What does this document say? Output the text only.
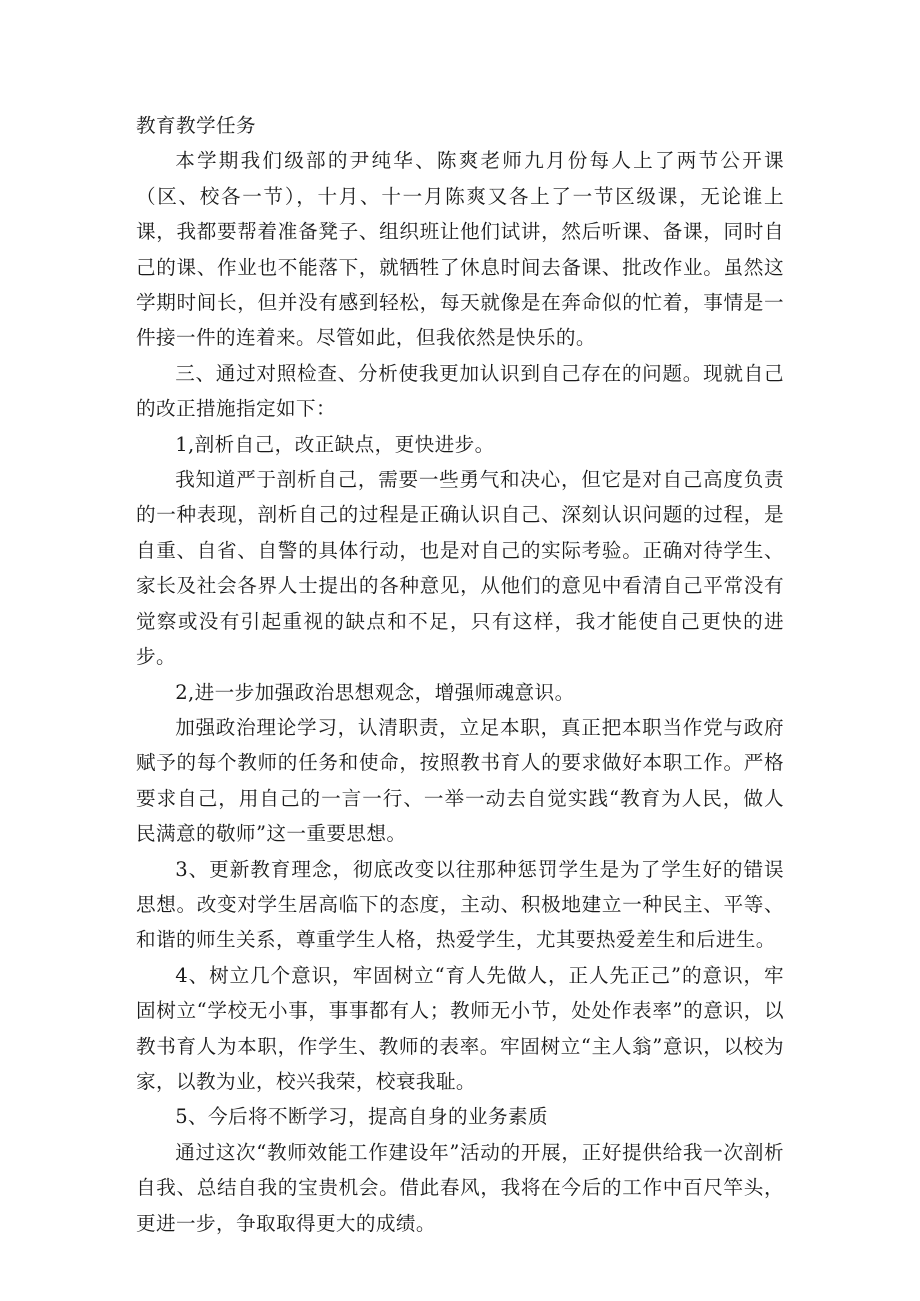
教育教学任务

本学期我们级部的尹纯华、陈爽老师九月份每人上了两节公开课（区、校各一节），十月、十一月陈爽又各上了一节区级课，无论谁上课，我都要帮着准备凳子、组织班让他们试讲，然后听课、备课，同时自己的课、作业也不能落下，就牺牲了休息时间去备课、批改作业。虽然这学期时间长，但并没有感到轻松，每天就像是在奔命似的忙着，事情是一件接一件的连着来。尽管如此，但我依然是快乐的。

三、通过对照检查、分析使我更加认识到自己存在的问题。现就自己的改正措施指定如下：

1,剖析自己，改正缺点，更快进步。

我知道严于剖析自己，需要一些勇气和决心，但它是对自己高度负责的一种表现，剖析自己的过程是正确认识自己、深刻认识问题的过程，是自重、自省、自警的具体行动，也是对自己的实际考验。正确对待学生、家长及社会各界人士提出的各种意见，从他们的意见中看清自己平常没有觉察或没有引起重视的缺点和不足，只有这样，我才能使自己更快的进步。

2,进一步加强政治思想观念，增强师魂意识。

加强政治理论学习，认清职责，立足本职，真正把本职当作党与政府赋予的每个教师的任务和使命，按照教书育人的要求做好本职工作。严格要求自己，用自己的一言一行、一举一动去自觉实践“教育为人民，做人民满意的敬师”这一重要思想。

3、更新教育理念，彻底改变以往那种惩罚学生是为了学生好的错误思想。改变对学生居高临下的态度，主动、积极地建立一种民主、平等、和谐的师生关系，尊重学生人格，热爱学生，尤其要热爱差生和后进生。

4、树立几个意识，牢固树立“育人先做人，正人先正己”的意识，牢固树立“学校无小事，事事都有人；教师无小节，处处作表率”的意识，以教书育人为本职，作学生、教师的表率。牢固树立“主人翁”意识，以校为家，以教为业，校兴我荣，校衰我耻。

5、今后将不断学习，提高自身的业务素质

通过这次“教师效能工作建设年”活动的开展，正好提供给我一次剖析自我、总结自我的宝贵机会。借此春风，我将在今后的工作中百尺竿头，更进一步，争取取得更大的成绩。
